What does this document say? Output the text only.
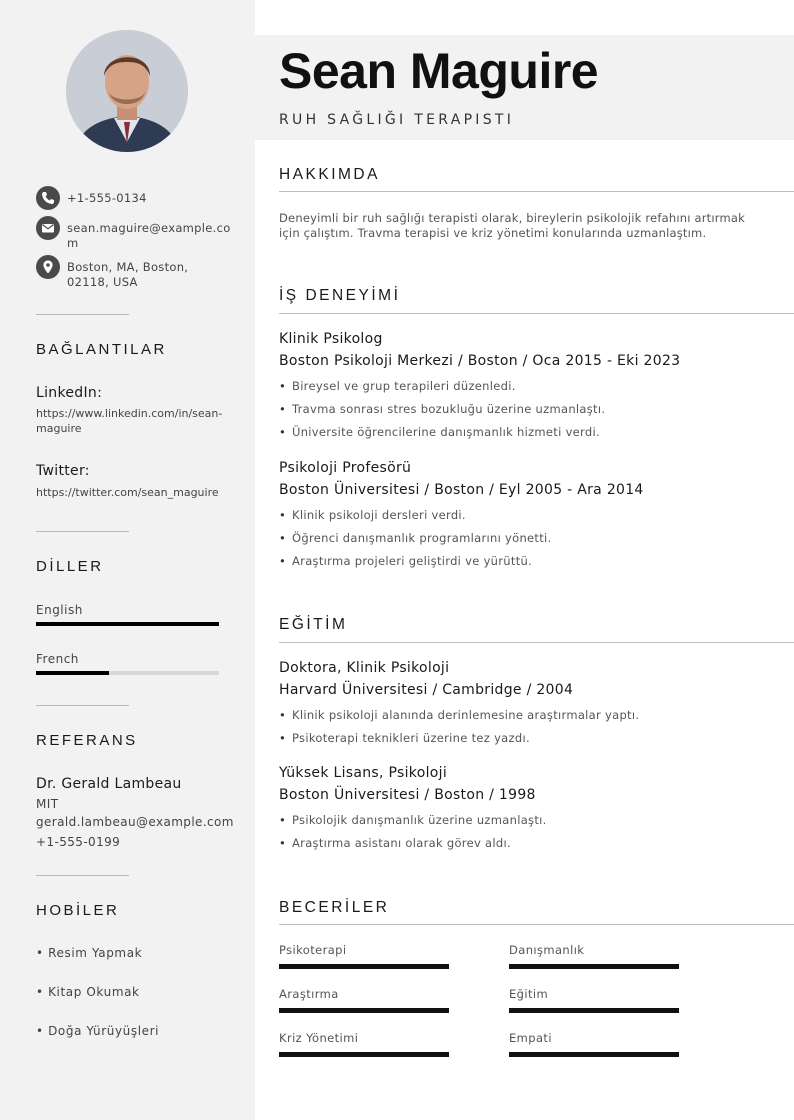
+1-555-0134
sean.maguire@example.co
m
Boston, MA, Boston,
02118, USA
BAĞLANTILAR
LinkedIn:
https://www.linkedin.com/in/sean-
maguire
Twitter:
https://twitter.com/sean_maguire
DİLLER
English
French
REFERANS
Dr. Gerald Lambeau
MIT
gerald.lambeau@example.com
+1-555-0199
HOBİLER
• Resim Yapmak
• Kitap Okumak
• Doğa Yürüyüşleri
Sean Maguire
RUH SAĞLIĞI TERAPISTI
HAKKIMDA
Deneyimli bir ruh sağlığı terapisti olarak, bireylerin psikolojik refahını artırmak için çalıştım. Travma terapisi ve kriz yönetimi konularında uzmanlaştım.
İŞ DENEYİMİ
Klinik Psikolog
Boston Psikoloji Merkezi / Boston / Oca 2015 - Eki 2023
• Bireysel ve grup terapileri düzenledi.
• Travma sonrası stres bozukluğu üzerine uzmanlaştı.
• Üniversite öğrencilerine danışmanlık hizmeti verdi.
Psikoloji Profesörü
Boston Üniversitesi / Boston / Eyl 2005 - Ara 2014
• Klinik psikoloji dersleri verdi.
• Öğrenci danışmanlık programlarını yönetti.
• Araştırma projeleri geliştirdi ve yürüttü.
EĞİTİM
Doktora, Klinik Psikoloji
Harvard Üniversitesi / Cambridge / 2004
• Klinik psikoloji alanında derinlemesine araştırmalar yaptı.
• Psikoterapi teknikleri üzerine tez yazdı.
Yüksek Lisans, Psikoloji
Boston Üniversitesi / Boston / 1998
• Psikolojik danışmanlık üzerine uzmanlaştı.
• Araştırma asistanı olarak görev aldı.
BECERİLER
Psikoterapi	Danışmanlık
Araştırma	Eğitim
Kriz Yönetimi	Empati
